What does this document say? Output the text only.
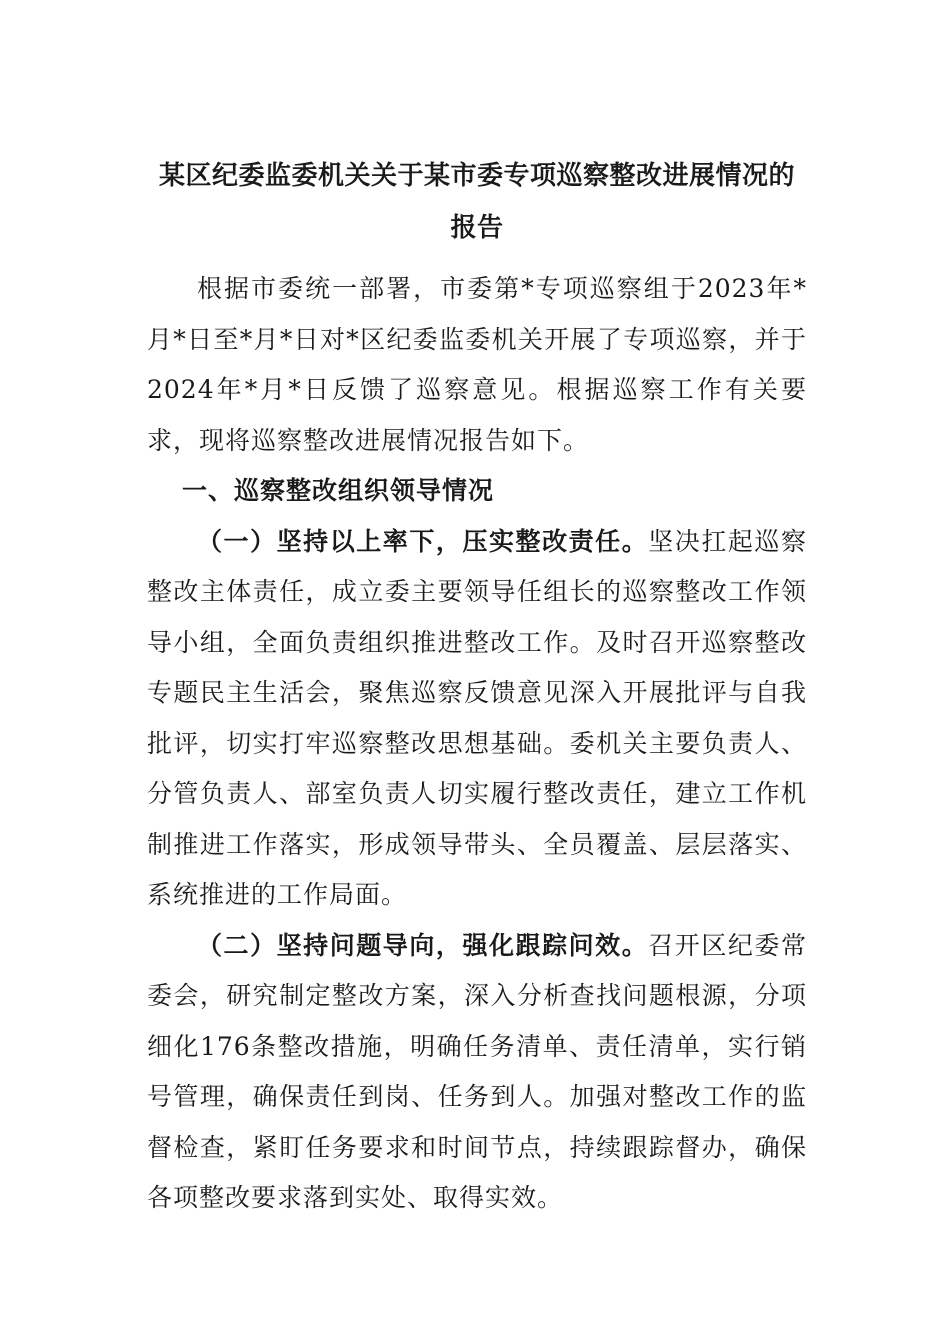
某区纪委监委机关关于某市委专项巡察整改进展情况的报告

根据市委统一部署，市委第*专项巡察组于2023年*月*日至*月*日对*区纪委监委机关开展了专项巡察，并于2024年*月*日反馈了巡察意见。根据巡察工作有关要求，现将巡察整改进展情况报告如下。

一、巡察整改组织领导情况

（一）坚持以上率下，压实整改责任。坚决扛起巡察整改主体责任，成立委主要领导任组长的巡察整改工作领导小组，全面负责组织推进整改工作。及时召开巡察整改专题民主生活会，聚焦巡察反馈意见深入开展批评与自我批评，切实打牢巡察整改思想基础。委机关主要负责人、分管负责人、部室负责人切实履行整改责任，建立工作机制推进工作落实，形成领导带头、全员覆盖、层层落实、系统推进的工作局面。

（二）坚持问题导向，强化跟踪问效。召开区纪委常委会，研究制定整改方案，深入分析查找问题根源，分项细化176条整改措施，明确任务清单、责任清单，实行销号管理，确保责任到岗、任务到人。加强对整改工作的监督检查，紧盯任务要求和时间节点，持续跟踪督办，确保各项整改要求落到实处、取得实效。
